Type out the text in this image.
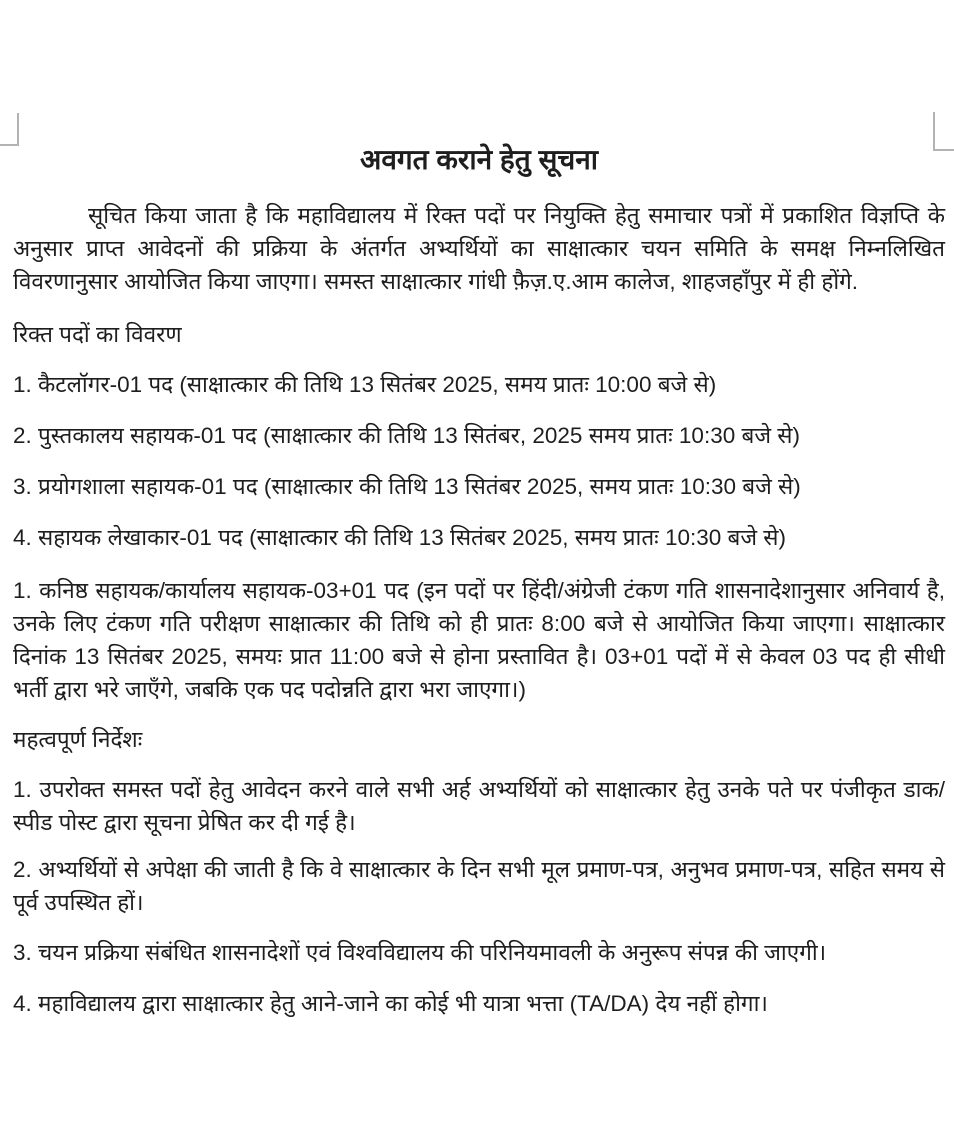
अवगत कराने हेतु सूचना

सूचित किया जाता है कि महाविद्यालय में रिक्त पदों पर नियुक्ति हेतु समाचार पत्रों में प्रकाशित विज्ञप्ति के अनुसार प्राप्त आवेदनों की प्रक्रिया के अंतर्गत अभ्यर्थियों का साक्षात्कार चयन समिति के समक्ष निम्नलिखित विवरणानुसार आयोजित किया जाएगा। समस्त साक्षात्कार गांधी फ़ैज़.ए.आम कालेज, शाहजहाँपुर में ही होंगे.

रिक्त पदों का विवरण

1. कैटलॉगर-01 पद (साक्षात्कार की तिथि 13 सितंबर 2025, समय प्रातः 10:00 बजे से)

2. पुस्तकालय सहायक-01 पद (साक्षात्कार की तिथि 13 सितंबर, 2025 समय प्रातः 10:30 बजे से)

3. प्रयोगशाला सहायक-01 पद (साक्षात्कार की तिथि 13 सितंबर 2025, समय प्रातः 10:30 बजे से)

4. सहायक लेखाकार-01 पद (साक्षात्कार की तिथि 13 सितंबर 2025, समय प्रातः 10:30 बजे से)

1. कनिष्ठ सहायक/कार्यालय सहायक-03+01 पद (इन पदों पर हिंदी/अंग्रेजी टंकण गति शासनादेशानुसार अनिवार्य है, उनके लिए टंकण गति परीक्षण साक्षात्कार की तिथि को ही प्रातः 8:00 बजे से आयोजित किया जाएगा। साक्षात्कार दिनांक 13 सितंबर 2025, समयः प्रात 11:00 बजे से होना प्रस्तावित है। 03+01 पदों में से केवल 03 पद ही सीधी भर्ती द्वारा भरे जाएँगे, जबकि एक पद पदोन्नति द्वारा भरा जाएगा।)

महत्वपूर्ण निर्देशः

1. उपरोक्त समस्त पदों हेतु आवेदन करने वाले सभी अर्ह अभ्यर्थियों को साक्षात्कार हेतु उनके पते पर पंजीकृत डाक/स्पीड पोस्ट द्वारा सूचना प्रेषित कर दी गई है।

2. अभ्यर्थियों से अपेक्षा की जाती है कि वे साक्षात्कार के दिन सभी मूल प्रमाण-पत्र, अनुभव प्रमाण-पत्र, सहित समय से पूर्व उपस्थित हों।

3. चयन प्रक्रिया संबंधित शासनादेशों एवं विश्वविद्यालय की परिनियमावली के अनुरूप संपन्न की जाएगी।

4. महाविद्यालय द्वारा साक्षात्कार हेतु आने-जाने का कोई भी यात्रा भत्ता (TA/DA) देय नहीं होगा।
